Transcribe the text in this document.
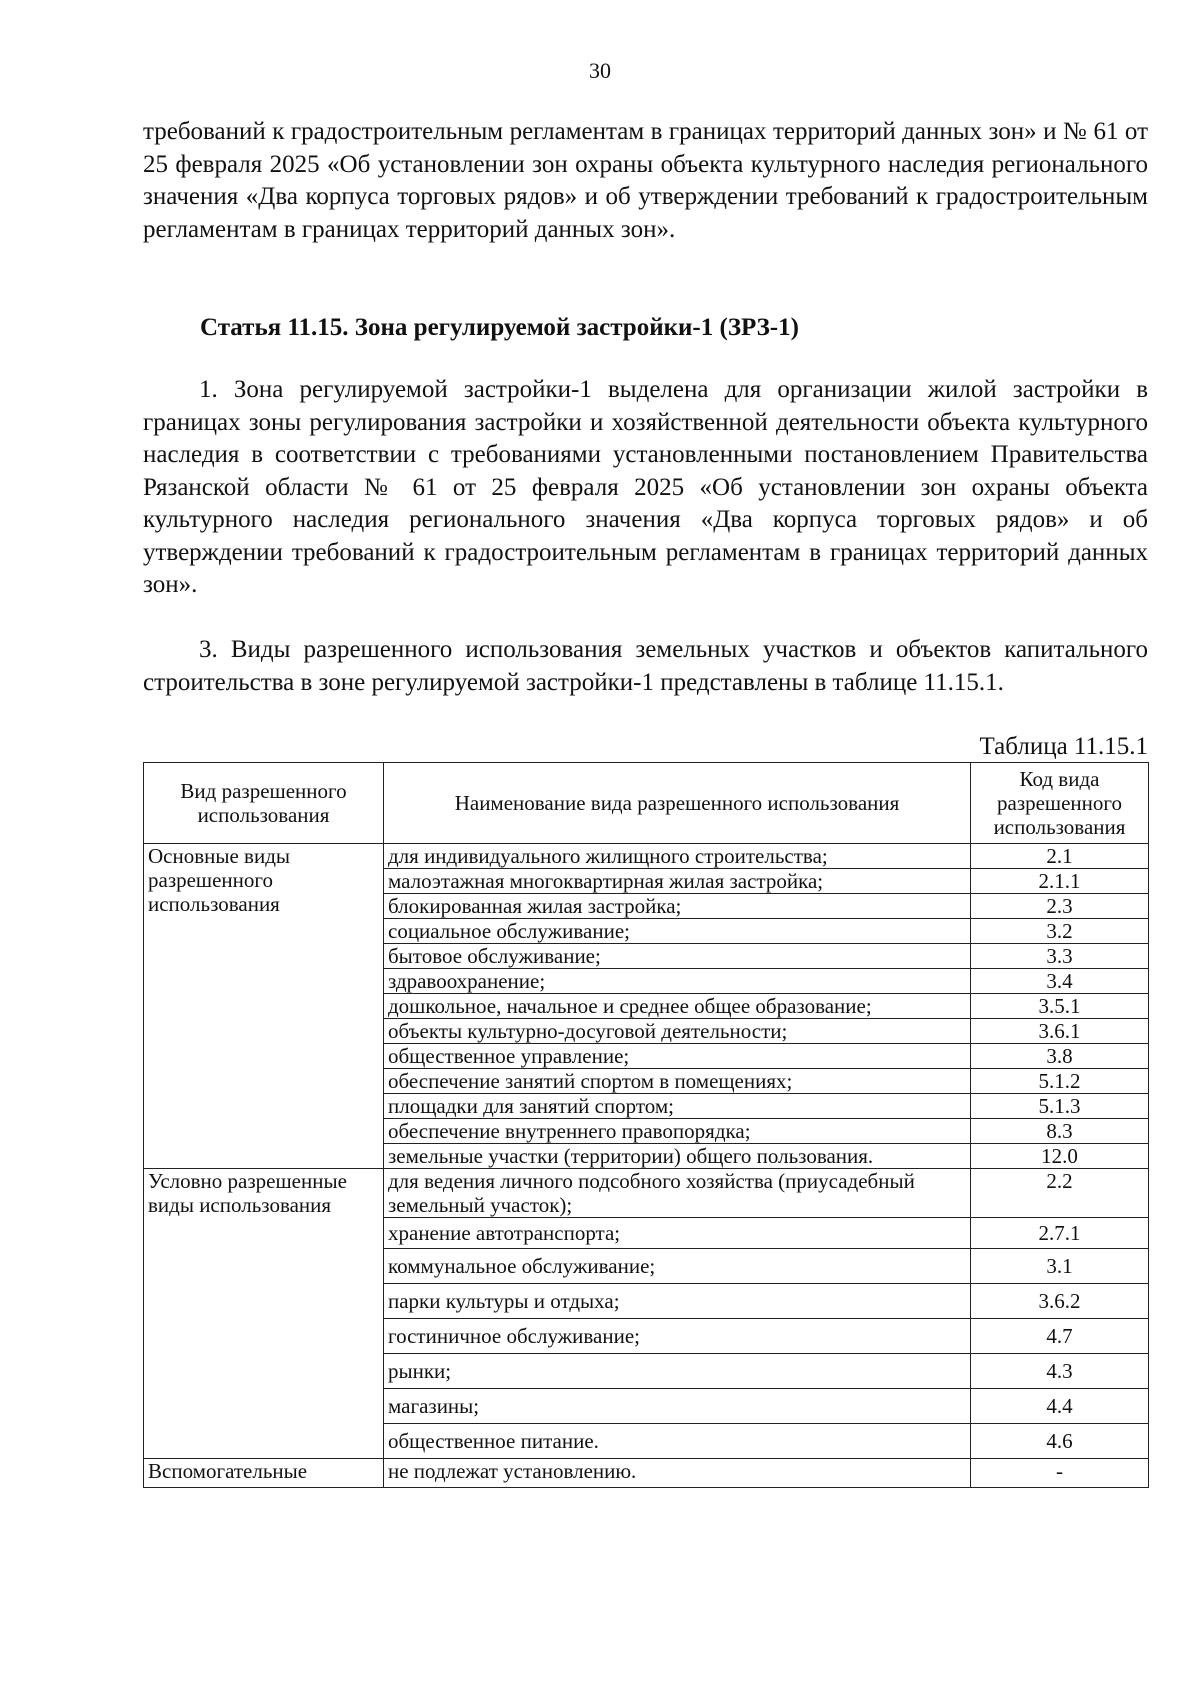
30

требований к градостроительным регламентам в границах территорий данных зон» и № 61 от 25 февраля 2025 «Об установлении зон охраны объекта культурного наследия регионального значения «Два корпуса торговых рядов» и об утверждении требований к градостроительным регламентам в границах территорий данных зон».

Статья 11.15. Зона регулируемой застройки-1 (ЗРЗ-1)

1. Зона регулируемой застройки-1 выделена для организации жилой застройки в границах зоны регулирования застройки и хозяйственной деятельности объекта культурного наследия в соответствии с требованиями установленными постановлением Правительства Рязанской области № 61 от 25 февраля 2025 «Об установлении зон охраны объекта культурного наследия регионального значения «Два корпуса торговых рядов» и об утверждении требований к градостроительным регламентам в границах территорий данных зон».

3. Виды разрешенного использования земельных участков и объектов капитального строительства в зоне регулируемой застройки-1 представлены в таблице 11.15.1.

Таблица 11.15.1
Вид разрешенного использования	Наименование вида разрешенного использования	Код вида разрешенного использования
Основные виды разрешенного использования	для индивидуального жилищного строительства;	2.1
	малоэтажная многоквартирная жилая застройка;	2.1.1
	блокированная жилая застройка;	2.3
	социальное обслуживание;	3.2
	бытовое обслуживание;	3.3
	здравоохранение;	3.4
	дошкольное, начальное и среднее общее образование;	3.5.1
	объекты культурно-досуговой деятельности;	3.6.1
	общественное управление;	3.8
	обеспечение занятий спортом в помещениях;	5.1.2
	площадки для занятий спортом;	5.1.3
	обеспечение внутреннего правопорядка;	8.3
	земельные участки (территории) общего пользования.	12.0
Условно разрешенные виды использования	для ведения личного подсобного хозяйства (приусадебный земельный участок);	2.2
	хранение автотранспорта;	2.7.1
	коммунальное обслуживание;	3.1
	парки культуры и отдыха;	3.6.2
	гостиничное обслуживание;	4.7
	рынки;	4.3
	магазины;	4.4
	общественное питание.	4.6
Вспомогательные	не подлежат установлению.	-
